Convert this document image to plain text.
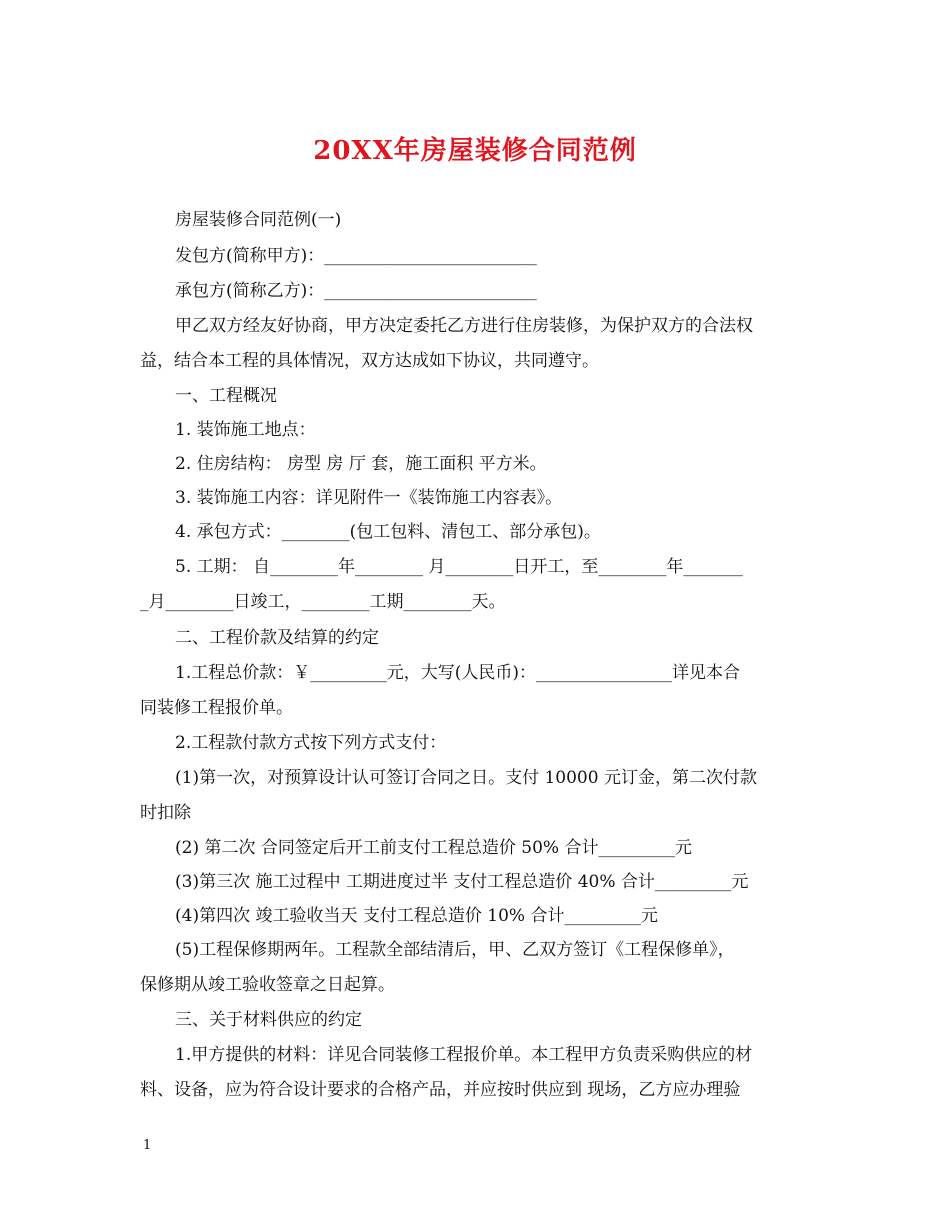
20XX年房屋装修合同范例
房屋装修合同范例(一)
发包方(简称甲方)：_________________________
承包方(简称乙方)：_________________________
甲乙双方经友好协商，甲方决定委托乙方进行住房装修，为保护双方的合法权
益，结合本工程的具体情况，双方达成如下协议，共同遵守。
一、工程概况
1. 装饰施工地点：
2. 住房结构： 房型 房 厅 套，施工面积 平方米。
3. 装饰施工内容：详见附件一《装饰施工内容表》。
4. 承包方式：________(包工包料、清包工、部分承包)。
5. 工期： 自________年________ 月________日开工，至________年_______
_月________日竣工，________工期________天。
二、工程价款及结算的约定
1.工程总价款：￥_________元，大写(人民币)：________________详见本合
同装修工程报价单。
2.工程款付款方式按下列方式支付：
(1)第一次，对预算设计认可签订合同之日。支付 10000 元订金，第二次付款
时扣除
(2) 第二次 合同签定后开工前支付工程总造价 50% 合计_________元
(3)第三次 施工过程中 工期进度过半 支付工程总造价 40% 合计_________元
(4)第四次 竣工验收当天 支付工程总造价 10% 合计_________元
(5)工程保修期两年。工程款全部结清后，甲、乙双方签订《工程保修单》，
保修期从竣工验收签章之日起算。
三、关于材料供应的约定
1.甲方提供的材料：详见合同装修工程报价单。本工程甲方负责采购供应的材
料、设备，应为符合设计要求的合格产品，并应按时供应到 现场，乙方应办理验
1
